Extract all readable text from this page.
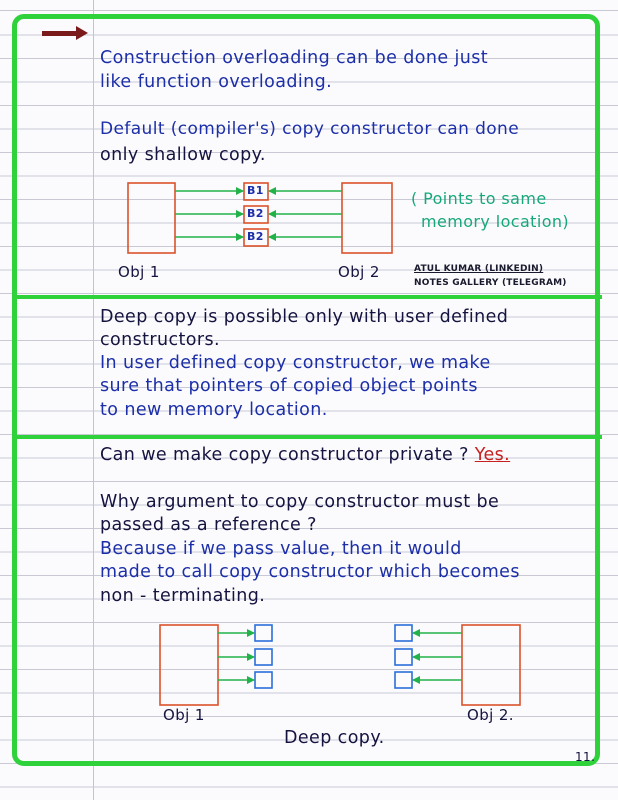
B1
B2
B2

Construction overloading can be done just

like function overloading.

Default (compiler's) copy constructor can done

only shallow copy.

( Points to same

memory location)

Obj 1	Obj 2	ATUL KUMAR (LINKEDIN)

NOTES GALLERY (TELEGRAM)

Deep copy is possible only with user defined

constructors.

In user defined copy constructor, we make

sure that pointers of copied object points

to new memory location.

Can we make copy constructor private ? Yes.

Why argument to copy constructor must be

passed as a reference ?

Because if we pass value, then it would

made to call copy constructor which becomes

non - terminating.

Obj 1	Obj 2.

Deep copy.

11.
